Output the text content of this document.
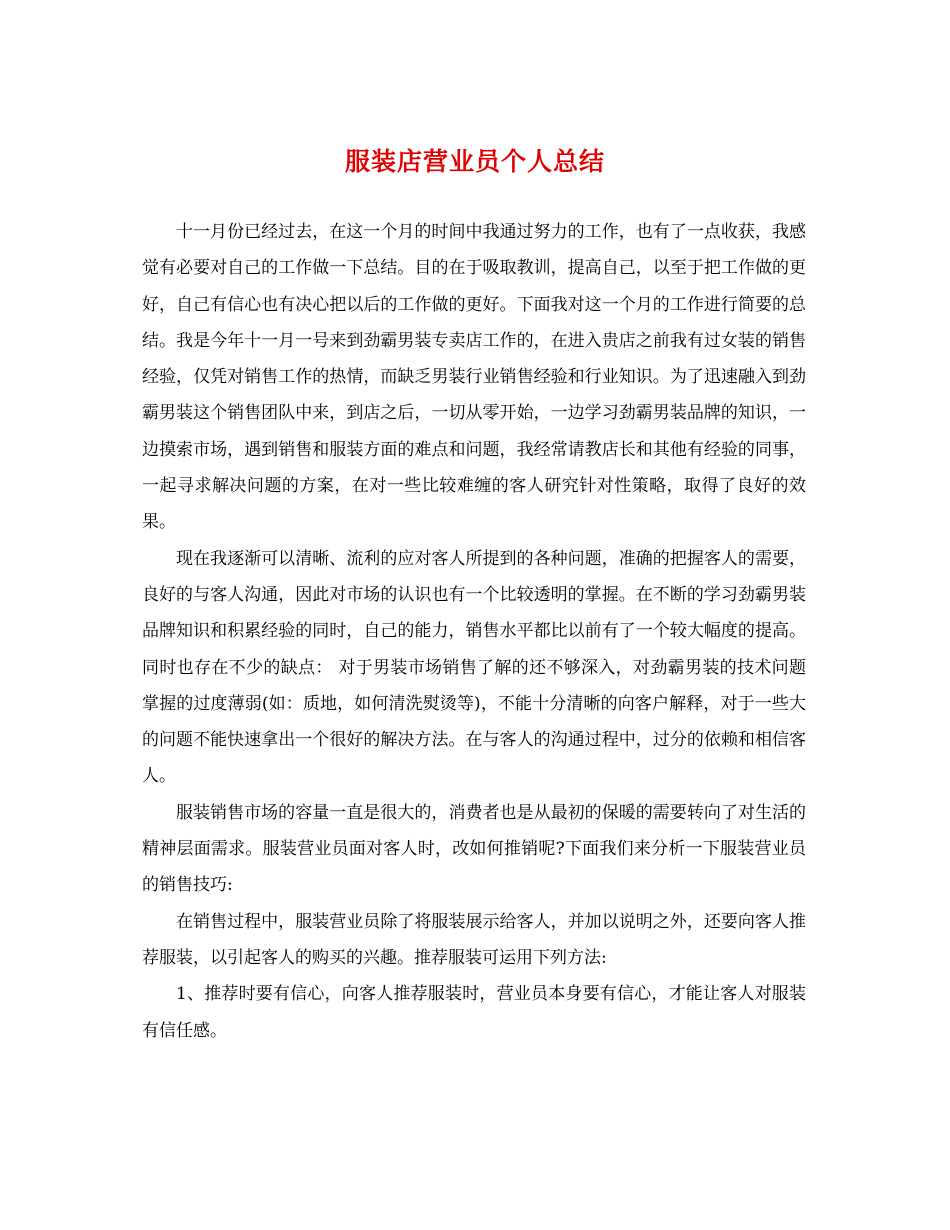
服装店营业员个人总结

十一月份已经过去，在这一个月的时间中我通过努力的工作，也有了一点收获，我感觉有必要对自己的工作做一下总结。目的在于吸取教训，提高自己，以至于把工作做的更好，自己有信心也有决心把以后的工作做的更好。下面我对这一个月的工作进行简要的总结。我是今年十一月一号来到劲霸男装专卖店工作的，在进入贵店之前我有过女装的销售经验，仅凭对销售工作的热情，而缺乏男装行业销售经验和行业知识。为了迅速融入到劲霸男装这个销售团队中来，到店之后，一切从零开始，一边学习劲霸男装品牌的知识，一边摸索市场，遇到销售和服装方面的难点和问题，我经常请教店长和其他有经验的同事，一起寻求解决问题的方案，在对一些比较难缠的客人研究针对性策略，取得了良好的效果。

现在我逐渐可以清晰、流利的应对客人所提到的各种问题，准确的把握客人的需要，良好的与客人沟通，因此对市场的认识也有一个比较透明的掌握。在不断的学习劲霸男装品牌知识和积累经验的同时，自己的能力，销售水平都比以前有了一个较大幅度的提高。 同时也存在不少的缺点： 对于男装市场销售了解的还不够深入，对劲霸男装的技术问题掌握的过度薄弱(如：质地，如何清洗熨烫等)，不能十分清晰的向客户解释，对于一些大的问题不能快速拿出一个很好的解决方法。在与客人的沟通过程中，过分的依赖和相信客人。

服装销售市场的容量一直是很大的，消费者也是从最初的保暖的需要转向了对生活的精神层面需求。服装营业员面对客人时，改如何推销呢?下面我们来分析一下服装营业员的销售技巧:

在销售过程中，服装营业员除了将服装展示给客人，并加以说明之外，还要向客人推荐服装，以引起客人的购买的兴趣。推荐服装可运用下列方法:

1、推荐时要有信心，向客人推荐服装时，营业员本身要有信心，才能让客人对服装有信任感。
